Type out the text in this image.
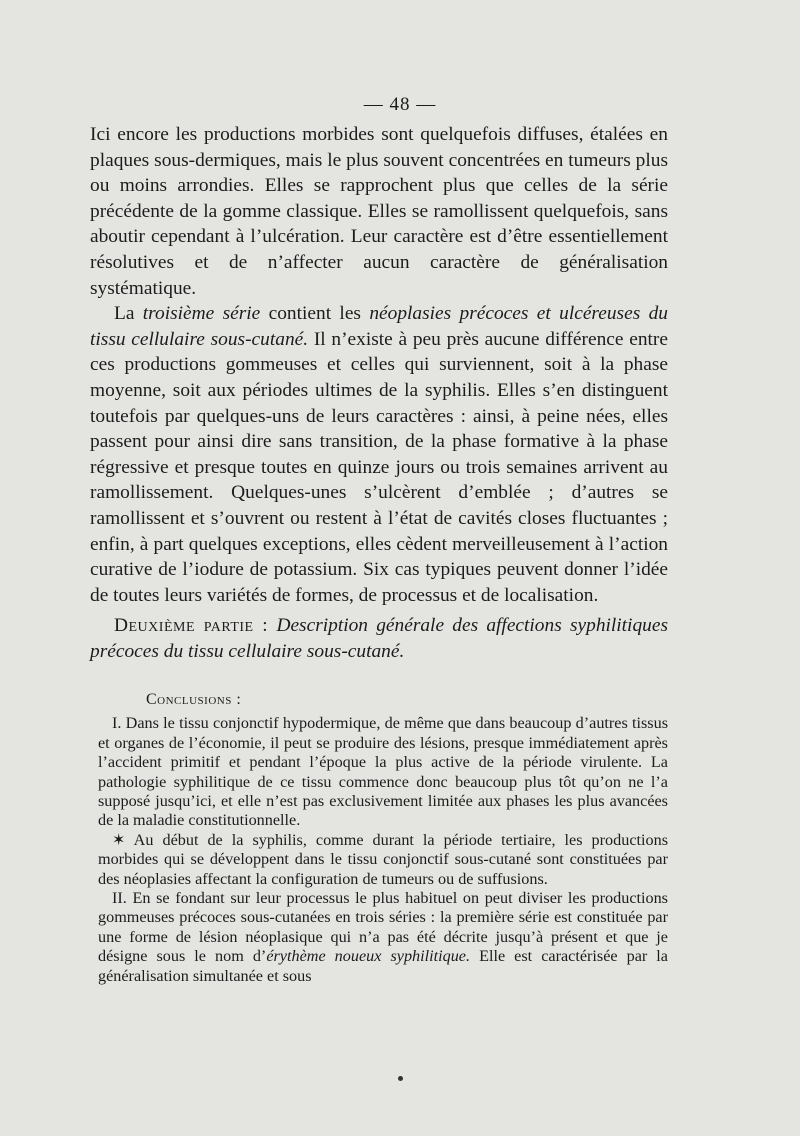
— 48 —

Ici encore les productions morbides sont quelquefois diffuses, étalées en plaques sous-dermiques, mais le plus souvent concentrées en tumeurs plus ou moins arrondies. Elles se rapprochent plus que celles de la série précédente de la gomme classique. Elles se ramollissent quelquefois, sans aboutir cependant à l’ulcération. Leur caractère est d’être essentiellement résolutives et de n’affecter aucun caractère de généralisation systématique.

La troisième série contient les néoplasies précoces et ulcéreuses du tissu cellulaire sous-cutané. Il n’existe à peu près aucune différence entre ces productions gommeuses et celles qui surviennent, soit à la phase moyenne, soit aux périodes ultimes de la syphilis. Elles s’en distinguent toutefois par quelques-uns de leurs caractères : ainsi, à peine nées, elles passent pour ainsi dire sans transition, de la phase formative à la phase régressive et presque toutes en quinze jours ou trois semaines arrivent au ramollissement. Quelques-unes s’ulcèrent d’emblée ; d’autres se ramollissent et s’ouvrent ou restent à l’état de cavités closes fluctuantes ; enfin, à part quelques exceptions, elles cèdent merveilleusement à l’action curative de l’iodure de potassium. Six cas typiques peuvent donner l’idée de toutes leurs variétés de formes, de processus et de localisation.

Deuxième partie : Description générale des affections syphilitiques précoces du tissu cellulaire sous-cutané.

Conclusions :

I. Dans le tissu conjonctif hypodermique, de même que dans beaucoup d’autres tissus et organes de l’économie, il peut se produire des lésions, presque immédiatement après l’accident primitif et pendant l’époque la plus active de la période virulente. La pathologie syphilitique de ce tissu commence donc beaucoup plus tôt qu’on ne l’a supposé jusqu’ici, et elle n’est pas exclusivement limitée aux phases les plus avancées de la maladie constitutionnelle.

✶ Au début de la syphilis, comme durant la période tertiaire, les productions morbides qui se développent dans le tissu conjonctif sous-cutané sont constituées par des néoplasies affectant la configuration de tumeurs ou de suffusions.

II. En se fondant sur leur processus le plus habituel on peut diviser les productions gommeuses précoces sous-cutanées en trois séries : la première série est constituée par une forme de lésion néoplasique qui n’a pas été décrite jusqu’à présent et que je désigne sous le nom d’érythème noueux syphilitique. Elle est caractérisée par la généralisation simultanée et sous
